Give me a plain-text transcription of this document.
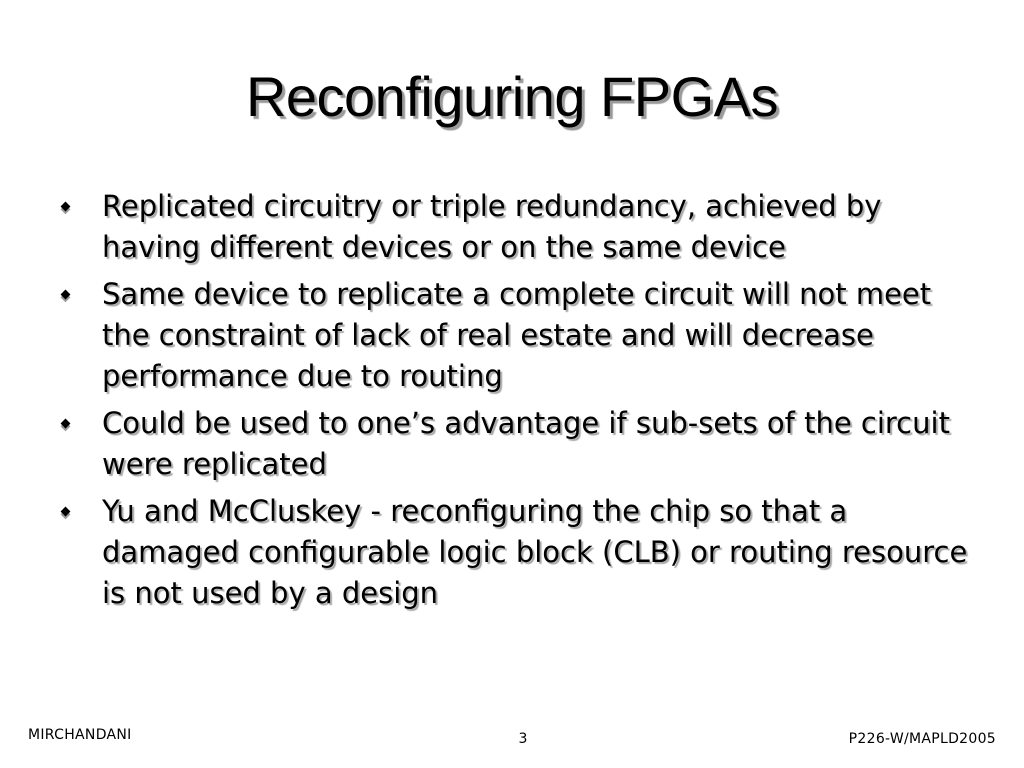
Reconfiguring FPGAs
Replicated circuitry or triple redundancy, achieved by having different devices or on the same device
Same device to replicate a complete circuit will not meet the constraint of lack of real estate and will decrease performance due to routing
Could be used to one’s advantage if sub-sets of the circuit were replicated
Yu and McCluskey - reconfiguring the chip so that a damaged configurable logic block (CLB) or routing resource is not used by a design
MIRCHANDANI	3	P226-W/MAPLD2005
